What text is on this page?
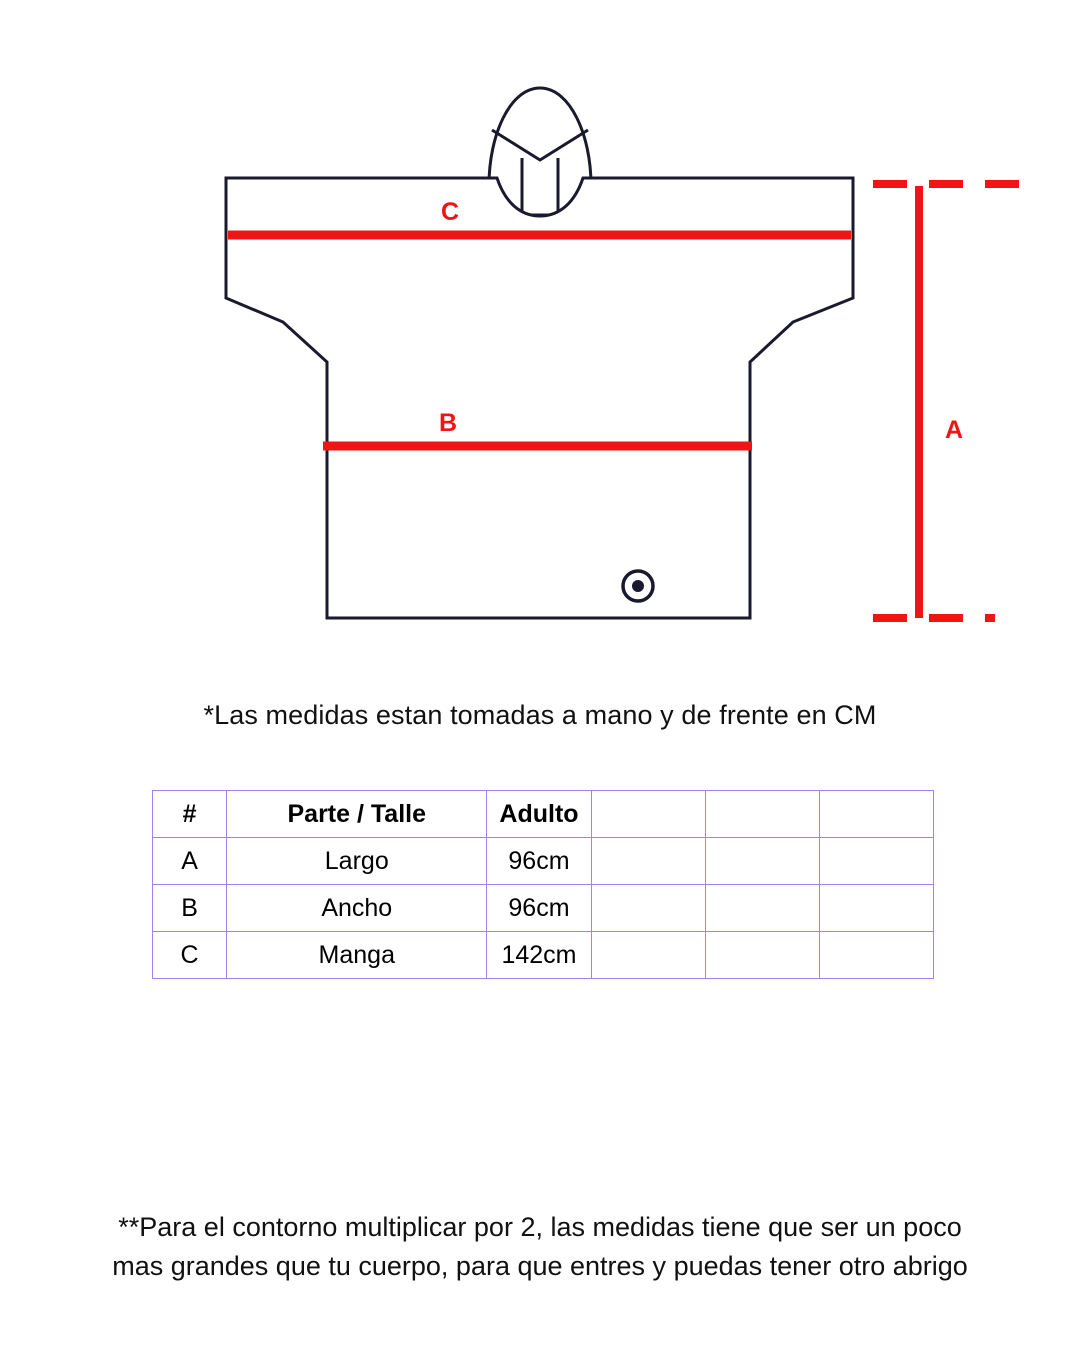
C
B	A
*Las medidas estan tomadas a mano y de frente en CM
#	Parte / Talle	Adulto			
A	Largo	96cm			
B	Ancho	96cm			
C	Manga	142cm			
**Para el contorno multiplicar por 2, las medidas tiene que ser un poco
mas grandes que tu cuerpo, para que entres y puedas tener otro abrigo
